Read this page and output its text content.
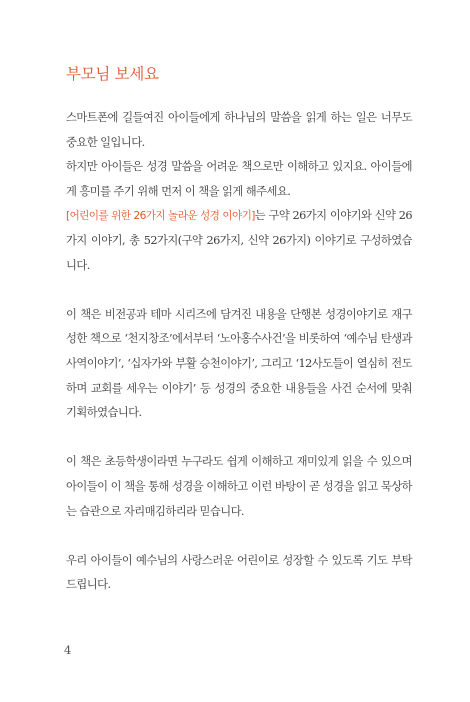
부모님 보세요

스마트폰에 길들여진 아이들에게 하나님의 말씀을 읽게 하는 일은 너무도 중요한 일입니다.

하지만 아이들은 성경 말씀을 어려운 책으로만 이해하고 있지요. 아이들에게 흥미를 주기 위해 먼저 이 책을 읽게 해주세요.

[어린이를 위한 26가지 놀라운 성경 이야기]는 구약 26가지 이야기와 신약 26가지 이야기, 총 52가지(구약 26가지, 신약 26가지) 이야기로 구성하였습니다.

이 책은 비전공과 테마 시리즈에 담겨진 내용을 단행본 성경이야기로 재구성한 책으로 ‘천지창조’에서부터 ‘노아홍수사건’을 비롯하여 ‘예수님 탄생과 사역이야기’, ‘십자가와 부활 승천이야기’, 그리고 ‘12사도들이 열심히 전도하며 교회를 세우는 이야기’ 등 성경의 중요한 내용들을 사건 순서에 맞춰 기획하였습니다.

이 책은 초등학생이라면 누구라도 쉽게 이해하고 재미있게 읽을 수 있으며 아이들이 이 책을 통해 성경을 이해하고 이런 바탕이 곧 성경을 읽고 묵상하는 습관으로 자리매김하리라 믿습니다.

우리 아이들이 예수님의 사랑스러운 어린이로 성장할 수 있도록 기도 부탁드립니다.

4
